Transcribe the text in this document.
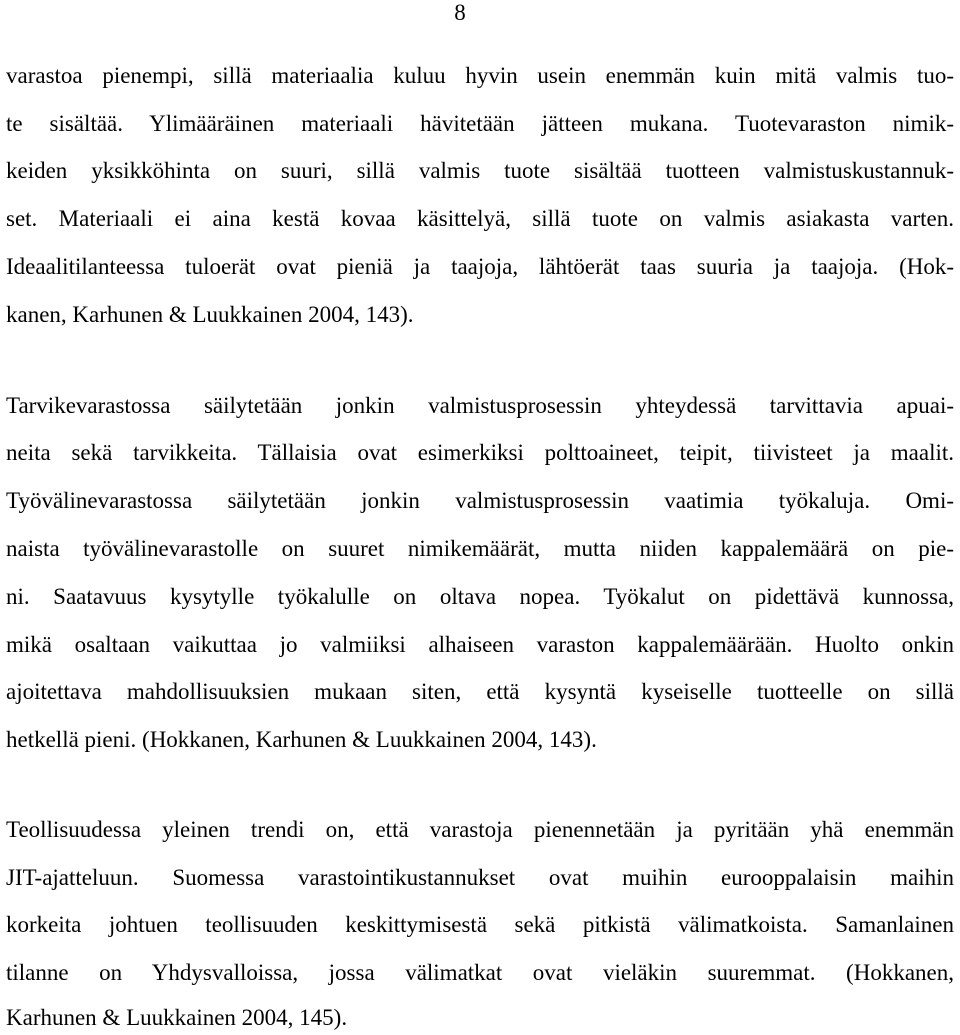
8
varastoa pienempi, sillä materiaalia kuluu hyvin usein enemmän kuin mitä valmis tuo-
te sisältää. Ylimääräinen materiaali hävitetään jätteen mukana. Tuotevaraston nimik-
keiden yksikköhinta on suuri, sillä valmis tuote sisältää tuotteen valmistuskustannuk-
set. Materiaali ei aina kestä kovaa käsittelyä, sillä tuote on valmis asiakasta varten.
Ideaalitilanteessa tuloerät ovat pieniä ja taajoja, lähtöerät taas suuria ja taajoja. (Hok-
kanen, Karhunen & Luukkainen 2004, 143).
Tarvikevarastossa säilytetään jonkin valmistusprosessin yhteydessä tarvittavia apuai-
neita sekä tarvikkeita. Tällaisia ovat esimerkiksi polttoaineet, teipit, tiivisteet ja maalit.
Työvälinevarastossa säilytetään jonkin valmistusprosessin vaatimia työkaluja. Omi-
naista työvälinevarastolle on suuret nimikemäärät, mutta niiden kappalemäärä on pie-
ni. Saatavuus kysytylle työkalulle on oltava nopea. Työkalut on pidettävä kunnossa,
mikä osaltaan vaikuttaa jo valmiiksi alhaiseen varaston kappalemäärään. Huolto onkin
ajoitettava mahdollisuuksien mukaan siten, että kysyntä kyseiselle tuotteelle on sillä
hetkellä pieni. (Hokkanen, Karhunen & Luukkainen 2004, 143).
Teollisuudessa yleinen trendi on, että varastoja pienennetään ja pyritään yhä enemmän
JIT-ajatteluun. Suomessa varastointikustannukset ovat muihin eurooppalaisin maihin
korkeita johtuen teollisuuden keskittymisestä sekä pitkistä välimatkoista. Samanlainen
tilanne on Yhdysvalloissa, jossa välimatkat ovat vieläkin suuremmat. (Hokkanen,
Karhunen & Luukkainen 2004, 145).
